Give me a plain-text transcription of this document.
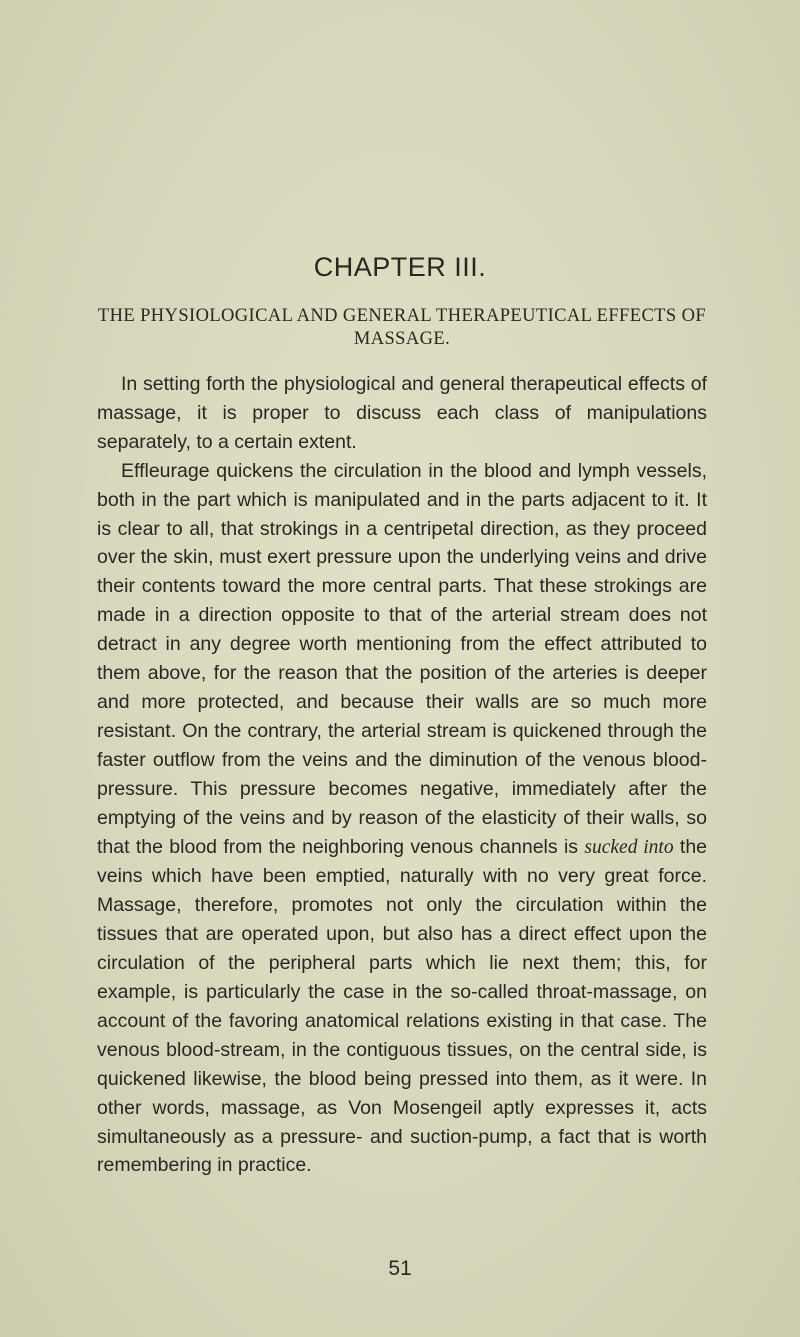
CHAPTER III.
THE PHYSIOLOGICAL AND GENERAL THERAPEUTICAL EFFECTS OF MASSAGE.

In setting forth the physiological and general therapeutical effects of massage, it is proper to discuss each class of manipulations separately, to a certain extent.

Effleurage quickens the circulation in the blood and lymph vessels, both in the part which is manipulated and in the parts adjacent to it. It is clear to all, that strokings in a centripetal direction, as they proceed over the skin, must exert pressure upon the underlying veins and drive their contents toward the more central parts. That these strokings are made in a direction opposite to that of the arterial stream does not detract in any degree worth mentioning from the effect attributed to them above, for the reason that the position of the arteries is deeper and more protected, and because their walls are so much more resistant. On the contrary, the arterial stream is quickened through the faster outflow from the veins and the diminution of the venous blood-pressure. This pressure becomes negative, immediately after the emptying of the veins and by reason of the elasticity of their walls, so that the blood from the neighboring venous channels is sucked into the veins which have been emptied, naturally with no very great force. Massage, therefore, promotes not only the circulation within the tissues that are operated upon, but also has a direct effect upon the circulation of the peripheral parts which lie next them; this, for example, is particularly the case in the so-called throat-massage, on account of the favoring anatomical relations existing in that case. The venous blood-stream, in the contiguous tissues, on the central side, is quickened likewise, the blood being pressed into them, as it were. In other words, massage, as Von Mosengeil aptly expresses it, acts simultaneously as a pressure- and suction-pump, a fact that is worth remembering in practice.

51
